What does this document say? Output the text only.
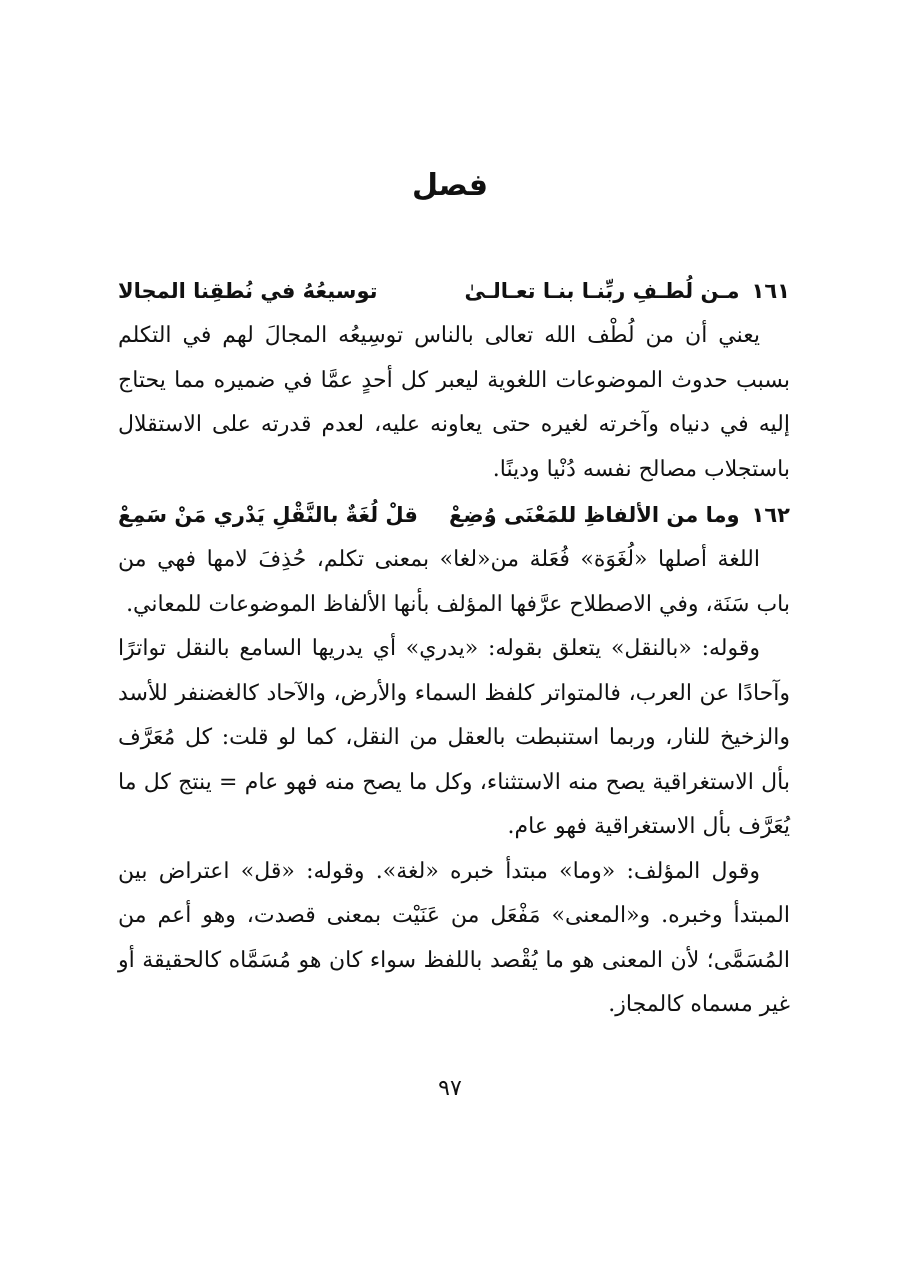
فصل
١٦١
مـن لُطـفِ ربِّنـا بنـا تعـالـىٰ
توسيعُهُ في نُطقِنا المجالا

يعني أن من لُطْف الله تعالى بالناس توسِيعُه المجالَ لهم في التكلم بسبب حدوث الموضوعات اللغوية ليعبر كل أحدٍ عمَّا في ضميره مما يحتاج إليه في دنياه وآخرته لغيره حتى يعاونه عليه، لعدم قدرته على الاستقلال باستجلاب مصالح نفسه دُنْيا ودينًا.

١٦٢
وما من الألفاظِ للمَعْنَى وُضِعْ
قلْ لُغَةٌ بالنَّقْلِ يَدْري مَنْ سَمِعْ

اللغة أصلها «لُغَوَة» فُعَلة من«لغا» بمعنى تكلم، حُذِفَ لامها فهي من باب سَنَة، وفي الاصطلاح عرَّفها المؤلف بأنها الألفاظ الموضوعات للمعاني.

وقوله: «بالنقل» يتعلق بقوله: «يدري» أي يدريها السامع بالنقل تواترًا وآحادًا عن العرب، فالمتواتر كلفظ السماء والأرض، والآحاد كالغضنفر للأسد والزخيخ للنار، وربما استنبطت بالعقل من النقل، كما لو قلت: كل مُعَرَّف بأل الاستغراقية يصح منه الاستثناء، وكل ما يصح منه فهو عام = ينتج كل ما يُعَرَّف بأل الاستغراقية فهو عام.

وقول المؤلف: «وما» مبتدأ خبره «لغة». وقوله: «قل» اعتراض بين المبتدأ وخبره. و«المعنى» مَفْعَل من عَنَيْت بمعنى قصدت، وهو أعم من المُسَمَّى؛ لأن المعنى هو ما يُقْصد باللفظ سواء كان هو مُسَمَّاه كالحقيقة أو غير مسماه كالمجاز.

٩٧
